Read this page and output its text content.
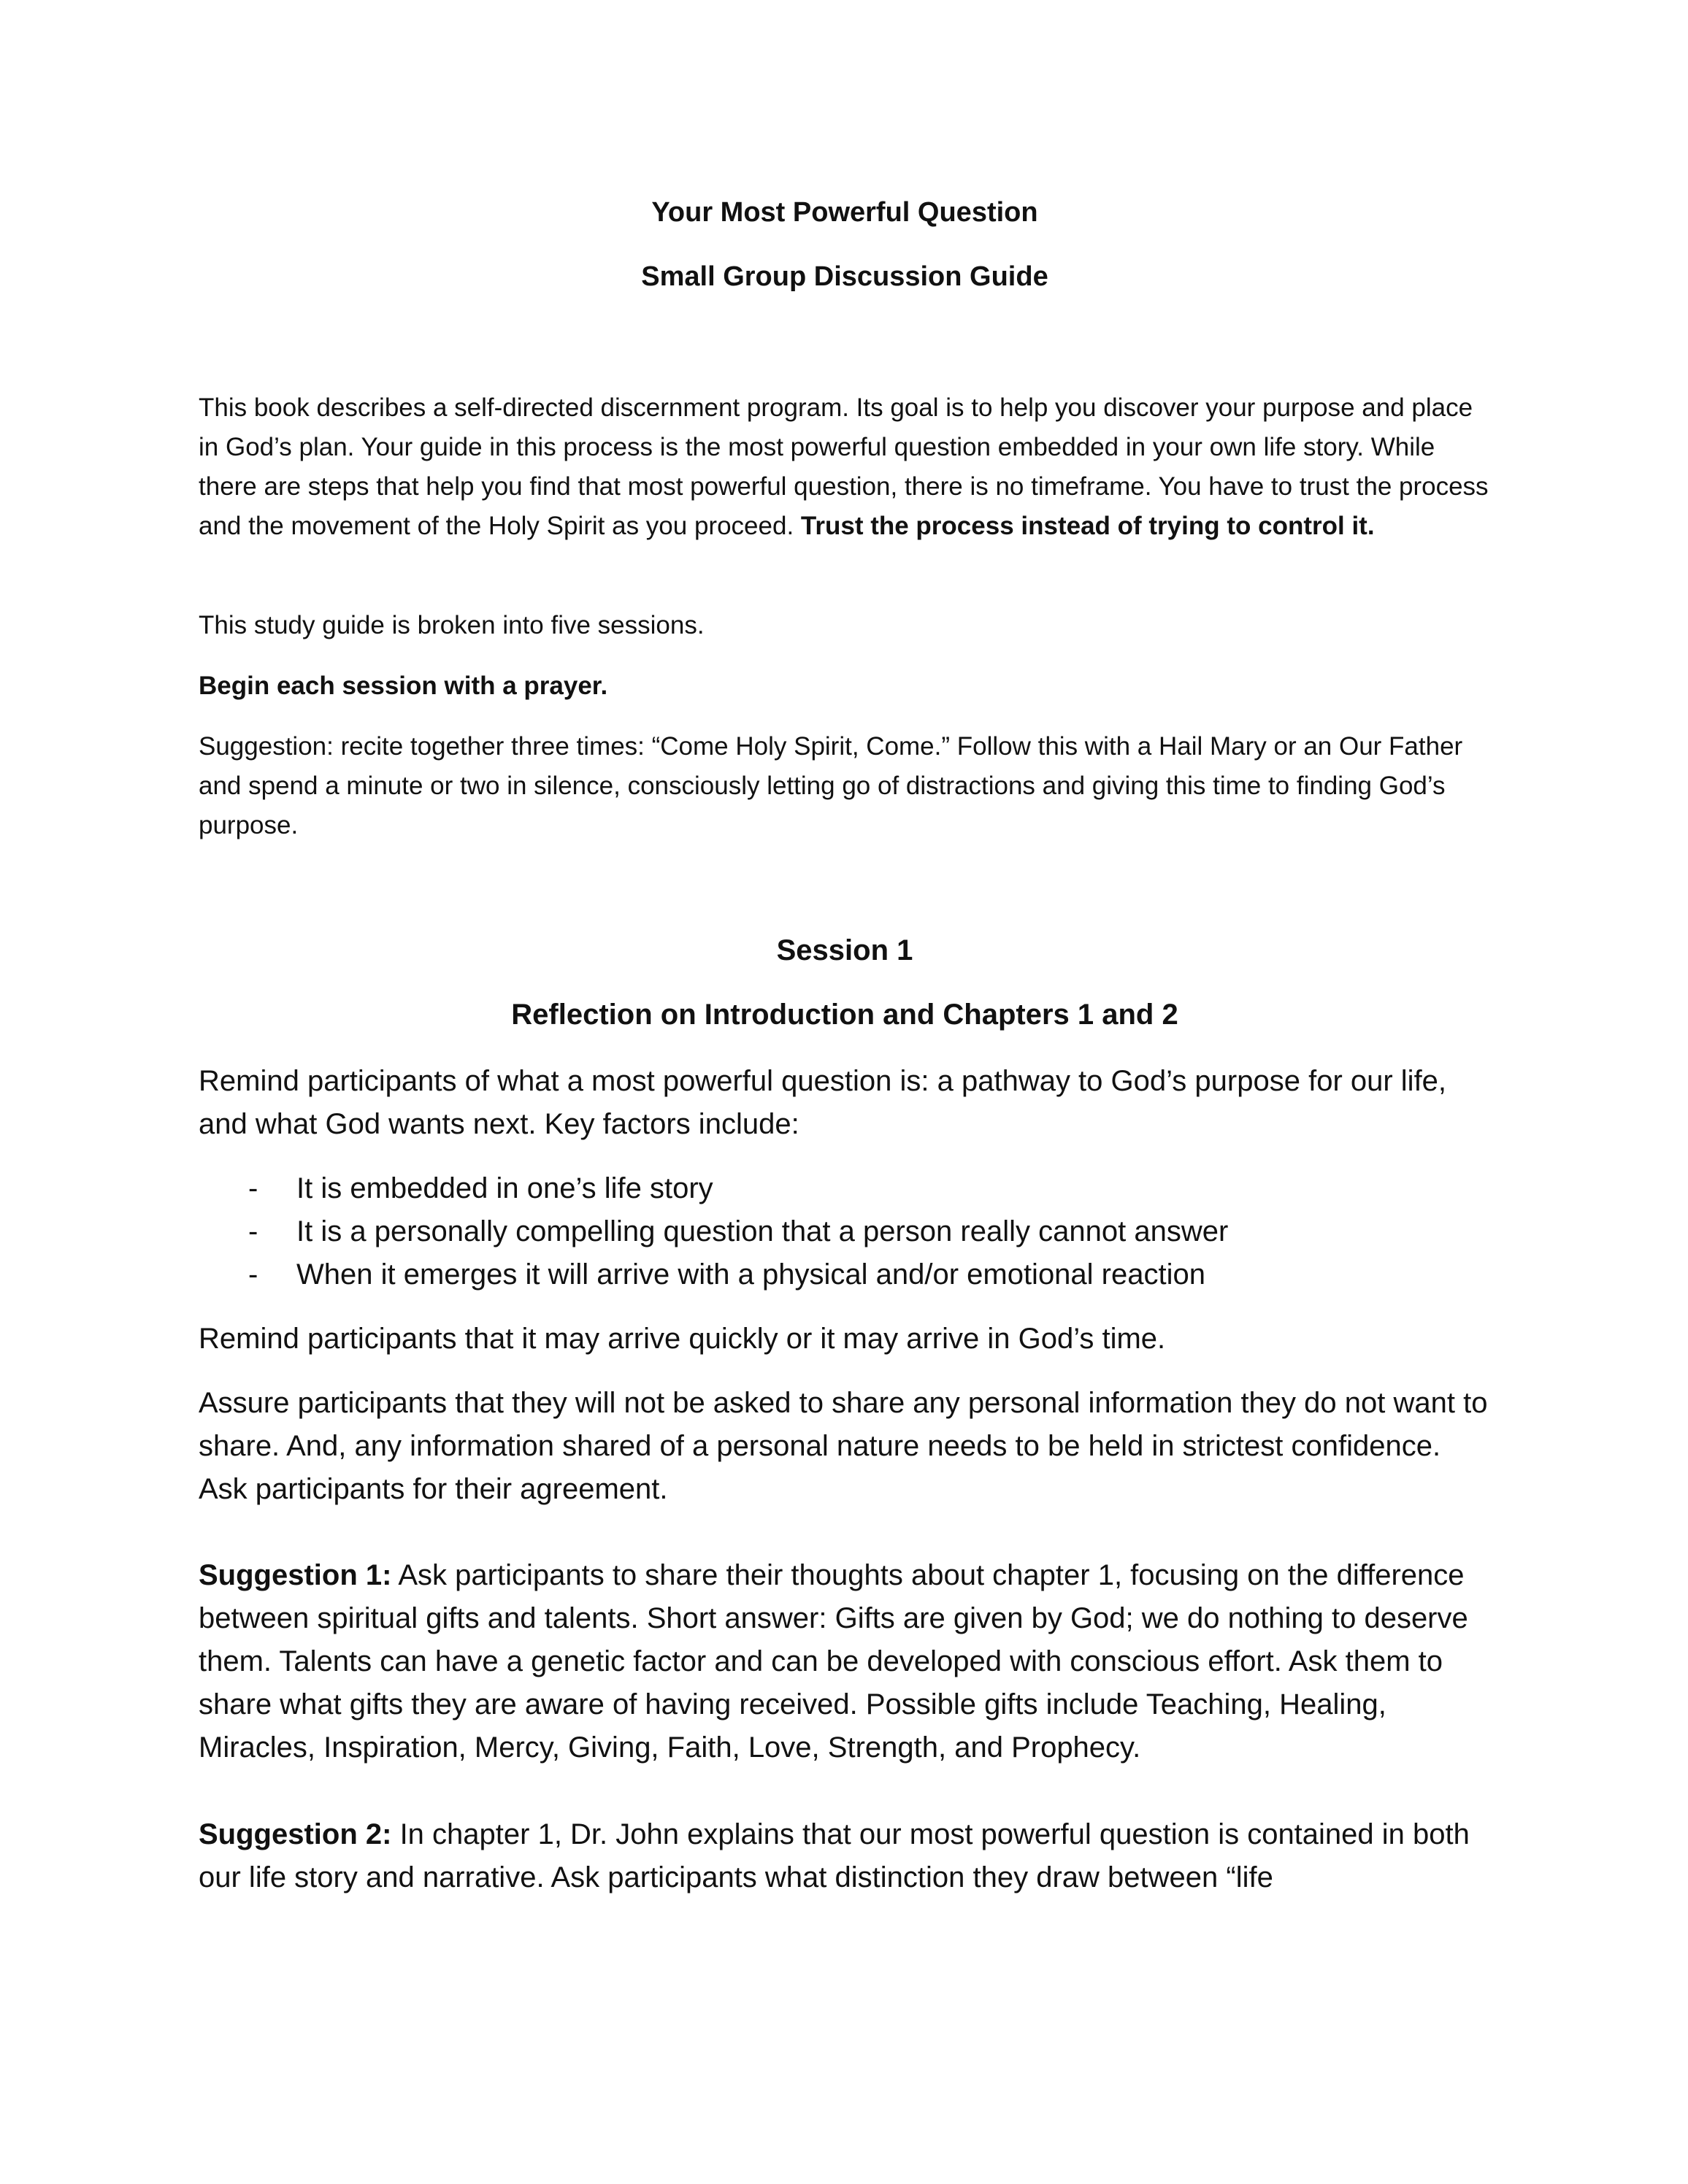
Your Most Powerful Question
Small Group Discussion Guide

This book describes a self-directed discernment program. Its goal is to help you discover your purpose and place in God’s plan. Your guide in this process is the most powerful question embedded in your own life story. While there are steps that help you find that most powerful question, there is no timeframe. You have to trust the process and the movement of the Holy Spirit as you proceed. Trust the process instead of trying to control it.

This study guide is broken into five sessions.

Begin each session with a prayer.

Suggestion: recite together three times: “Come Holy Spirit, Come.” Follow this with a Hail Mary or an Our Father and spend a minute or two in silence, consciously letting go of distractions and giving this time to finding God’s purpose.

Session 1
Reflection on Introduction and Chapters 1 and 2

Remind participants of what a most powerful question is: a pathway to God’s purpose for our life, and what God wants next. Key factors include:

- It is embedded in one’s life story
- It is a personally compelling question that a person really cannot answer
- When it emerges it will arrive with a physical and/or emotional reaction

Remind participants that it may arrive quickly or it may arrive in God’s time.

Assure participants that they will not be asked to share any personal information they do not want to share. And, any information shared of a personal nature needs to be held in strictest confidence. Ask participants for their agreement.

Suggestion 1: Ask participants to share their thoughts about chapter 1, focusing on the difference between spiritual gifts and talents. Short answer: Gifts are given by God; we do nothing to deserve them. Talents can have a genetic factor and can be developed with conscious effort. Ask them to share what gifts they are aware of having received. Possible gifts include Teaching, Healing, Miracles, Inspiration, Mercy, Giving, Faith, Love, Strength, and Prophecy.

Suggestion 2: In chapter 1, Dr. John explains that our most powerful question is contained in both our life story and narrative. Ask participants what distinction they draw between “life
